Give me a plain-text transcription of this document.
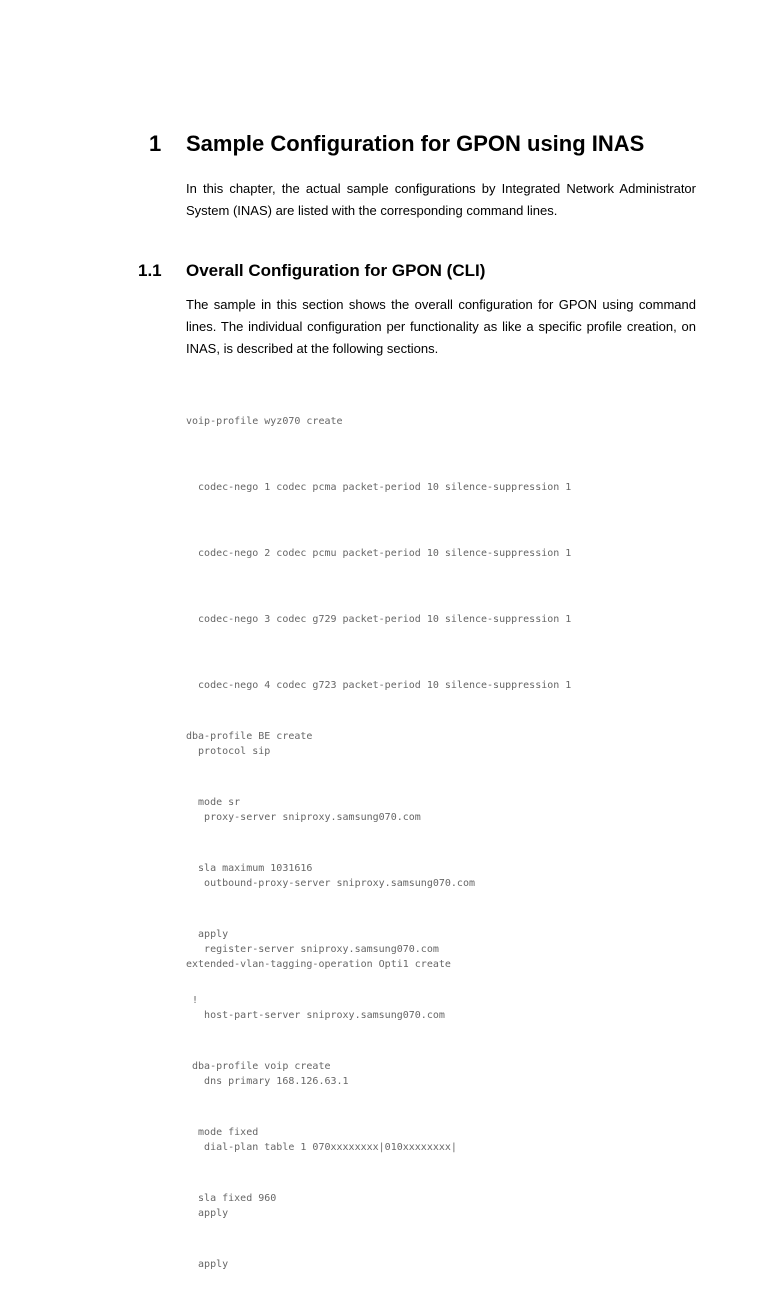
1 Sample Configuration for GPON using INAS

In this chapter, the actual sample configurations by Integrated Network Administrator System (INAS) are listed with the corresponding command lines.

1.1 Overall Configuration for GPON (CLI)

The sample in this section shows the overall configuration for GPON using command lines. The individual configuration per functionality as like a specific profile creation, on INAS, is described at the following sections.

voip-profile wyz070 create

codec-nego 1 codec pcma packet-period 10 silence-suppression 1

codec-nego 2 codec pcmu packet-period 10 silence-suppression 1

codec-nego 3 codec g729 packet-period 10 silence-suppression 1

codec-nego 4 codec g723 packet-period 10 silence-suppression 1

protocol sip

proxy-server sniproxy.samsung070.com

outbound-proxy-server sniproxy.samsung070.com

register-server sniproxy.samsung070.com

host-part-server sniproxy.samsung070.com

dns primary 168.126.63.1

dial-plan table 1 070xxxxxxxx|010xxxxxxxx|

apply

dba-profile BE create

mode sr

sla maximum 1031616

apply

!

dba-profile voip create

mode fixed

sla fixed 960

apply

extended-vlan-tagging-operation Opti1 create
